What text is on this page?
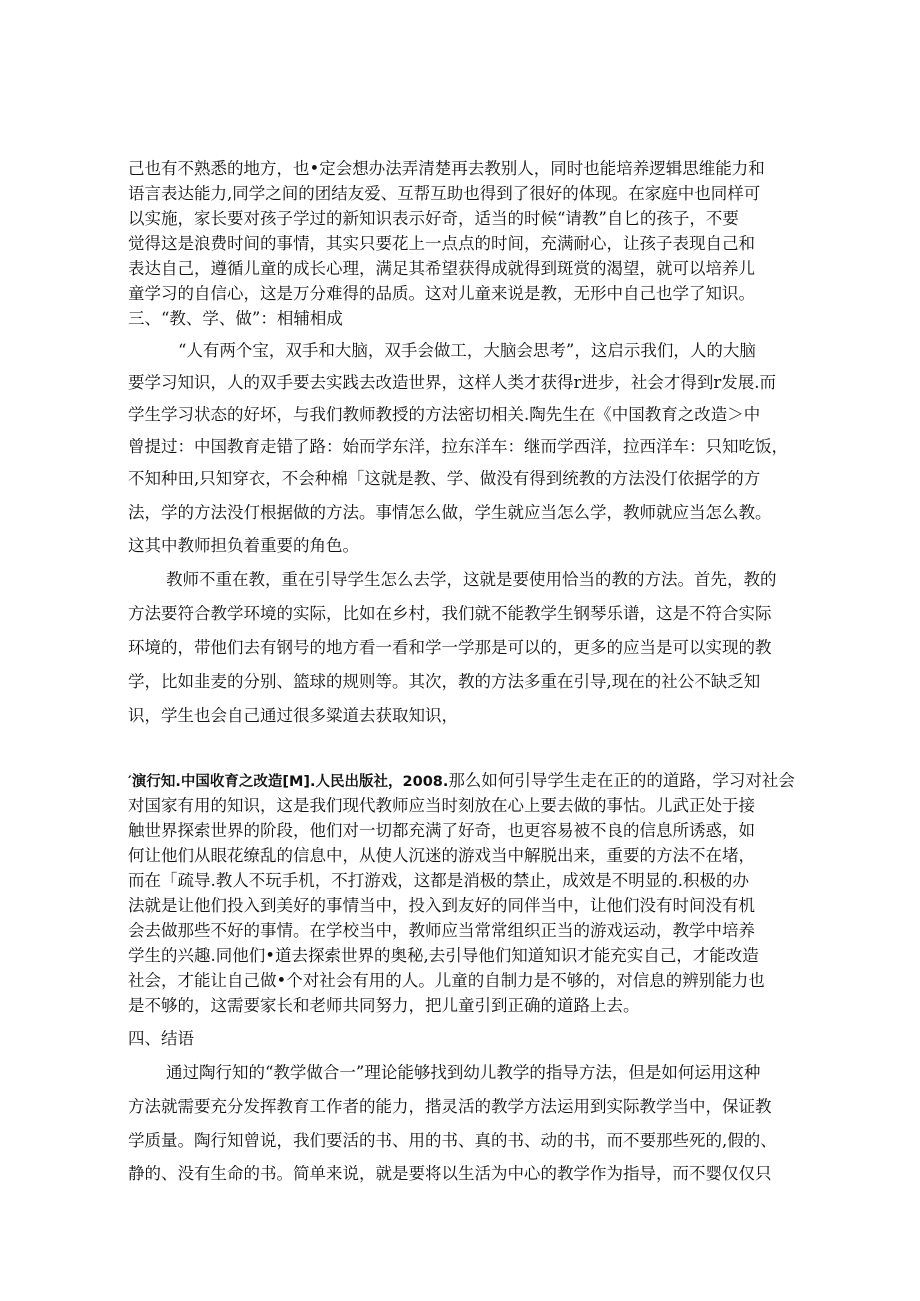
己也有不熟悉的地方，也•定会想办法弄清楚再去教别人，同时也能培养逻辑思维能力和
语言表达能力,同学之间的团结友爱、互帮互助也得到了很好的体现。在家庭中也同样可
以实施，家长要对孩子学过的新知识表示好奇，适当的时候“请教”自匕的孩子，不要
觉得这是浪费时间的事情，其实只要花上一点点的时间，充满耐心，让孩子表现自己和
表达自己，遵循儿童的成长心理，满足其希望获得成就得到斑赏的渴望，就可以培养儿
童学习的自信心，这是万分难得的品质。这对儿童来说是教，无形中自己也学了知识。
三、“教、学、做”：相辅相成
“人有两个宝，双手和大脑，双手会做工，大脑会思考”，这启示我们，人的大脑
要学习知识，人的双手要去实践去改造世界，这样人类才获得r进步，社会才得到r发展.而
学生学习状态的好坏，与我们教师教授的方法密切相关.陶先生在《中国教育之改造＞中
曾提过：中国教育走错了路：始而学东洋，拉东洋车：继而学西洋，拉西洋车：只知吃饭，
不知种田,只知穿衣，不会种棉「这就是教、学、做没有得到统教的方法没仃依据学的方
法，学的方法没仃根据做的方法。事情怎么做，学生就应当怎么学，教师就应当怎么教。
这其中教师担负着重要的角色。
教师不重在教，重在引导学生怎么去学，这就是要使用恰当的教的方法。首先，教的
方法要符合教学环境的实际，比如在乡村，我们就不能教学生钢琴乐谱，这是不符合实际
环境的，带他们去有钢号的地方看一看和学一学那是可以的，更多的应当是可以实现的教
学，比如韭麦的分别、篮球的规则等。其次，教的方法多重在引导,现在的社公不缺乏知
识，学生也会自己通过很多粱道去获取知识，
′演行知.中国收育之改造[M].人民出版社，2008.那么如何引导学生走在正的的道路，学习对社会
对国家有用的知识，这是我们现代教师应当时刻放在心上要去做的事怙。儿武正处于接
触世界探索世界的阶段，他们对一切都充满了好奇，也更容易被不良的信息所诱惑，如
何让他们从眼花缭乱的信息中，从使人沉迷的游戏当中解脱出来，重要的方法不在堵，
而在「疏导.教人不玩手机，不打游戏，这都是消极的禁止，成效是不明显的.积极的办
法就是让他们投入到美好的事情当中，投入到友好的同伴当中，让他们没有时间没有机
会去做那些不好的事情。在学校当中，教师应当常常组织正当的游戏运动，教学中培养
学生的兴趣.同他们•道去探索世界的奥秘,去引导他们知道知识才能充实自己，才能改造
社会，才能让自己做•个对社会有用的人。儿童的自制力是不够的，对信息的辨别能力也
是不够的，这需要家长和老师共同努力，把儿童引到正确的道路上去。
四、结语
通过陶行知的“教学做合一”理论能够找到幼儿教学的指导方法，但是如何运用这种
方法就需要充分发挥教育工作者的能力，揩灵活的教学方法运用到实际教学当中，保证教
学质量。陶行知曾说，我们要活的书、用的书、真的书、动的书，而不要那些死的,假的、
静的、没有生命的书。简单来说，就是要将以生活为中心的教学作为指导，而不婴仅仅只
